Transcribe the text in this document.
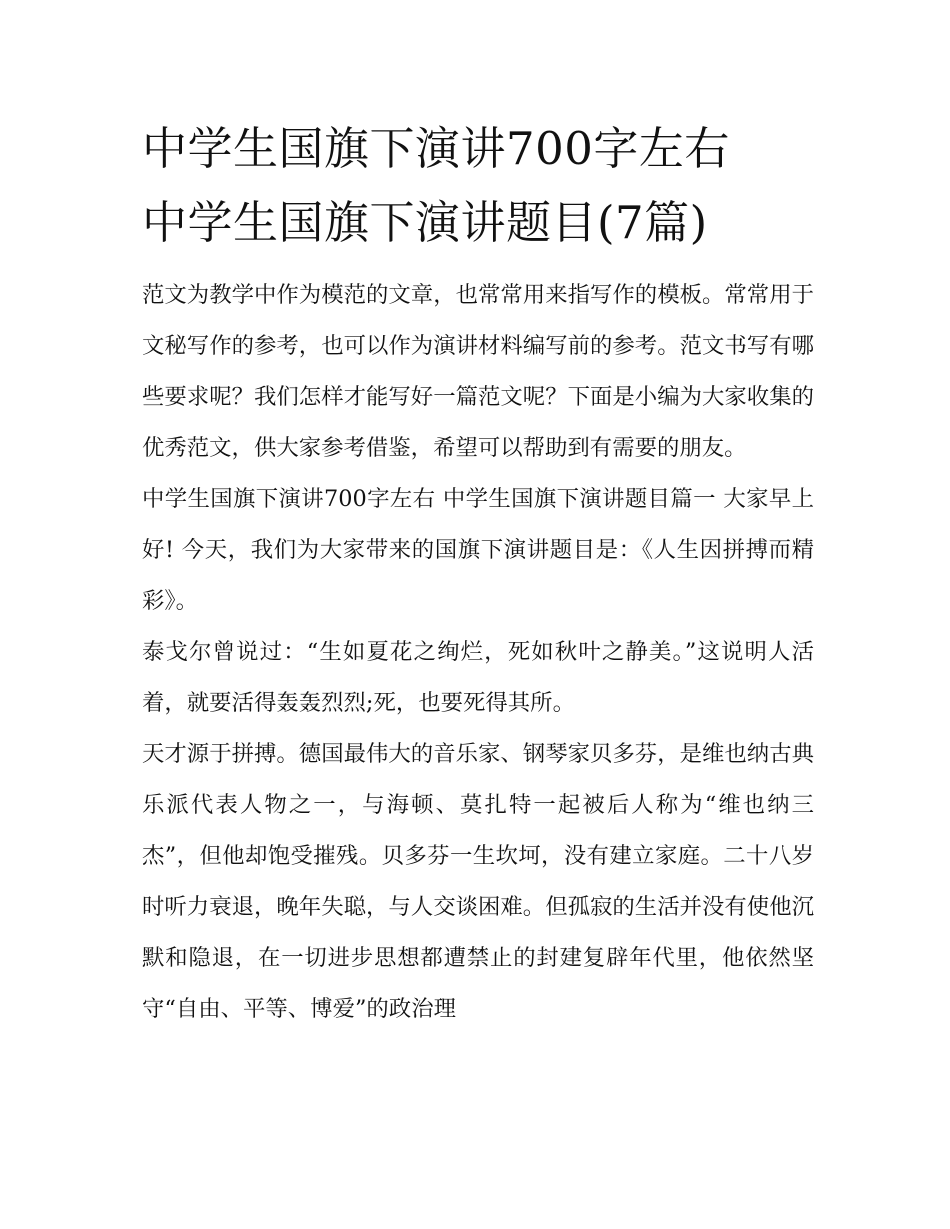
中学生国旗下演讲700字左右
中学生国旗下演讲题目(7篇)

范文为教学中作为模范的文章，也常常用来指写作的模板。常常用于文秘写作的参考，也可以作为演讲材料编写前的参考。范文书写有哪些要求呢？我们怎样才能写好一篇范文呢？下面是小编为大家收集的优秀范文，供大家参考借鉴，希望可以帮助到有需要的朋友。

中学生国旗下演讲700字左右 中学生国旗下演讲题目篇一 大家早上好! 今天，我们为大家带来的国旗下演讲题目是：《人生因拼搏而精彩》。

泰戈尔曾说过：“生如夏花之绚烂，死如秋叶之静美。”这说明人活着，就要活得轰轰烈烈;死，也要死得其所。

天才源于拼搏。德国最伟大的音乐家、钢琴家贝多芬，是维也纳古典乐派代表人物之一，与海顿、莫扎特一起被后人称为“维也纳三杰”，但他却饱受摧残。贝多芬一生坎坷，没有建立家庭。二十八岁时听力衰退，晚年失聪，与人交谈困难。但孤寂的生活并没有使他沉默和隐退，在一切进步思想都遭禁止的封建复辟年代里，他依然坚守“自由、平等、博爱”的政治理
